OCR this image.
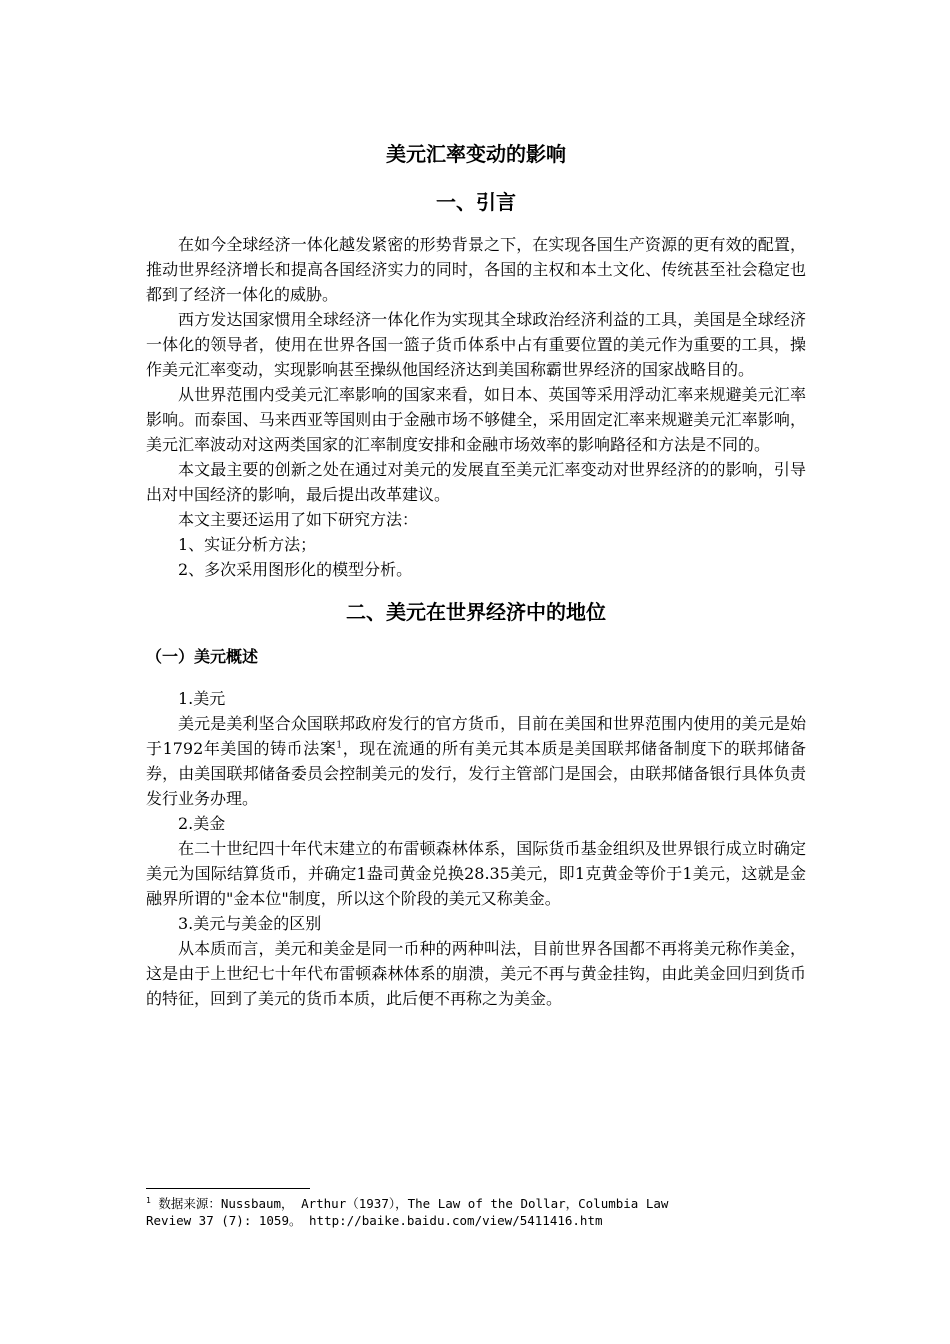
美元汇率变动的影响
一、引言

在如今全球经济一体化越发紧密的形势背景之下，在实现各国生产资源的更有效的配置，推动世界经济增长和提高各国经济实力的同时，各国的主权和本土文化、传统甚至社会稳定也都到了经济一体化的威胁。

西方发达国家惯用全球经济一体化作为实现其全球政治经济利益的工具，美国是全球经济一体化的领导者，使用在世界各国一篮子货币体系中占有重要位置的美元作为重要的工具，操作美元汇率变动，实现影响甚至操纵他国经济达到美国称霸世界经济的国家战略目的。

从世界范围内受美元汇率影响的国家来看，如日本、英国等采用浮动汇率来规避美元汇率影响。而泰国、马来西亚等国则由于金融市场不够健全，采用固定汇率来规避美元汇率影响，美元汇率波动对这两类国家的汇率制度安排和金融市场效率的影响路径和方法是不同的。

本文最主要的创新之处在通过对美元的发展直至美元汇率变动对世界经济的的影响，引导出对中国经济的影响，最后提出改革建议。

本文主要还运用了如下研究方法：

1、实证分析方法；

2、多次采用图形化的模型分析。

二、美元在世界经济中的地位
（一）美元概述

1.美元

美元是美利坚合众国联邦政府发行的官方货币，目前在美国和世界范围内使用的美元是始于1792年美国的铸币法案$^1$，现在流通的所有美元其本质是美国联邦储备制度下的联邦储备券，由美国联邦储备委员会控制美元的发行，发行主管部门是国会，由联邦储备银行具体负责发行业务办理。

2.美金

在二十世纪四十年代末建立的布雷顿森林体系，国际货币基金组织及世界银行成立时确定美元为国际结算货币，并确定1盎司黄金兑换28.35美元，即1克黄金等价于1美元，这就是金融界所谓的"金本位"制度，所以这个阶段的美元又称美金。

3.美元与美金的区别

从本质而言，美元和美金是同一币种的两种叫法，目前世界各国都不再将美元称作美金，这是由于上世纪七十年代布雷顿森林体系的崩溃，美元不再与黄金挂钩，由此美金回归到货币的特征，回到了美元的货币本质，此后便不再称之为美金。

$^1$ 数据来源：Nussbaum， Arthur（1937），The Law of the Dollar，Columbia Law

Review 37 (7): 1059。 http://baike.baidu.com/view/5411416.htm
